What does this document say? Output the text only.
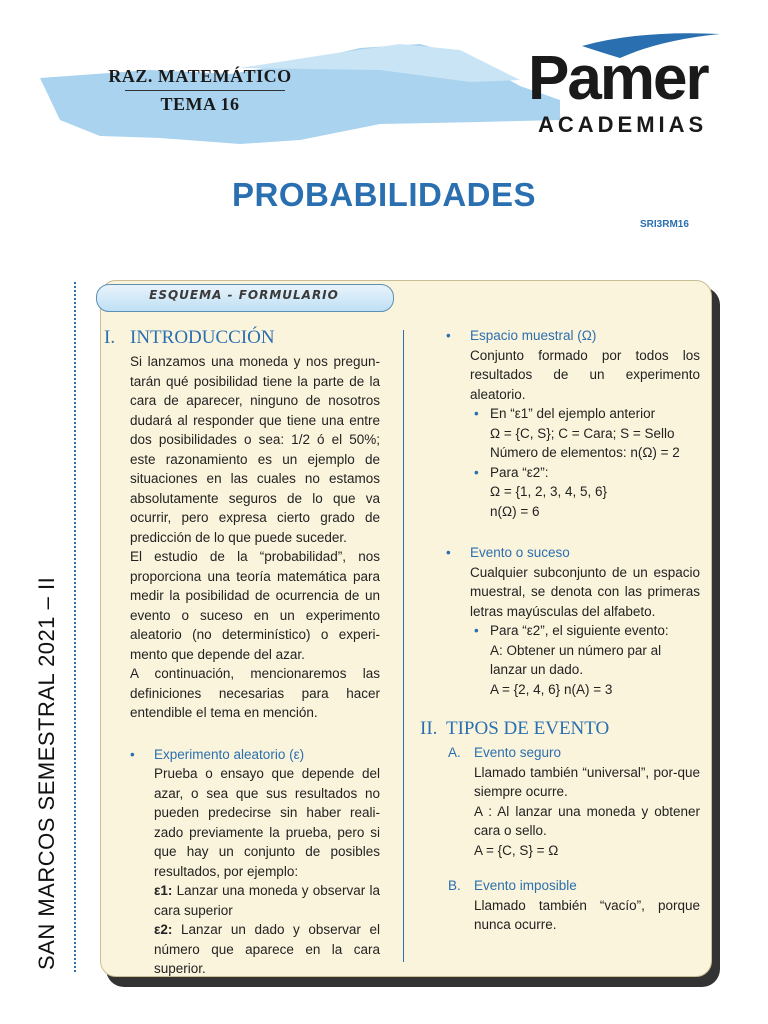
RAZ. MATEMÁTICO
TEMA 16	Pamer
ACADEMIAS
PROBABILIDADES
SRI3RM16
SAN MARCOS SEMESTRAL 2021 – II
ESQUEMA - FORMULARIO
I. INTRODUCCIÓN
Si lanzamos una moneda y nos pregun-tarán qué posibilidad tiene la parte de la cara de aparecer, ninguno de nosotros dudará al responder que tiene una entre dos posibilidades o sea: 1/2 ó el 50%; este razonamiento es un ejemplo de situaciones en las cuales no estamos absolutamente seguros de lo que va ocurrir, pero expresa cierto grado de predicción de lo que puede suceder.
El estudio de la “probabilidad”, nos proporciona una teoría matemática para medir la posibilidad de ocurrencia de un evento o suceso en un experimento aleatorio (no determinístico) o experi-mento que depende del azar.
A continuación, mencionaremos las definiciones necesarias para hacer entendible el tema en mención.
• Experimento aleatorio (ε)
Prueba o ensayo que depende del azar, o sea que sus resultados no pueden predecirse sin haber reali-zado previamente la prueba, pero si que hay un conjunto de posibles resultados, por ejemplo:
ε1: Lanzar una moneda y observar la cara superior
ε2: Lanzar un dado y observar el número que aparece en la cara superior.
• Espacio muestral (Ω)
Conjunto formado por todos los resultados de un experimento aleatorio.
• En “ε1” del ejemplo anterior
Ω = {C, S}; C = Cara; S = Sello
Número de elementos: n(Ω) = 2
• Para “ε2”:
Ω = {1, 2, 3, 4, 5, 6}
n(Ω) = 6
• Evento o suceso
Cualquier subconjunto de un espacio muestral, se denota con las primeras letras mayúsculas del alfabeto.
• Para “ε2”, el siguiente evento:
A: Obtener un número par al lanzar un dado.
A = {2, 4, 6} n(A) = 3
II. TIPOS DE EVENTO
A. Evento seguro
Llamado también “universal”, por-que siempre ocurre.
A : Al lanzar una moneda y obtener cara o sello.
A = {C, S} = Ω
B. Evento imposible
Llamado también “vacío”, porque nunca ocurre.
